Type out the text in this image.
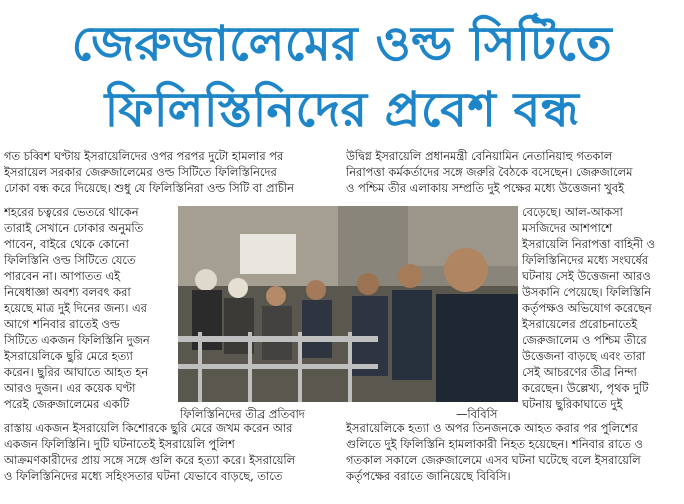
জেরুজালেমের ওল্ড সিটিতে
ফিলিস্তিনিদের প্রবেশ বন্ধ
গত চব্বিশ ঘণ্টায় ইসরায়েলিদের ওপর পরপর দুটো হামলার পর
ইসরায়েল সরকার জেরুজালেমের ওল্ড সিটিতে ফিলিস্তিনিদের
ঢোকা বন্ধ করে দিয়েছে। শুধু যে ফিলিস্তিনিরা ওল্ড সিটি বা প্রাচীন
শহরের চত্বরের ভেতরে থাকেন
তারাই সেখানে ঢোকার অনুমতি
পাবেন, বাইরে থেকে কোনো
ফিলিস্তিনি ওল্ড সিটিতে যেতে
পারবেন না। আপাতত এই
নিষেধাজ্ঞা অবশ্য বলবৎ করা
হয়েছে মাত্র দুই দিনের জন্য। এর
আগে শনিবার রাতেই ওল্ড
সিটিতে একজন ফিলিস্তিনি দুজন
ইসরায়েলিকে ছুরি মেরে হত্যা
করেন। ছুরির আঘাতে আহত হন
আরও দুজন। এর কয়েক ঘণ্টা
পরেই জেরুজালেমের একটি
রাস্তায় একজন ইসরায়েলি কিশোরকে ছুরি মেরে জখম করেন আর
একজন ফিলিস্তিনি। দুটি ঘটনাতেই ইসরায়েলি পুলিশ
আক্রমণকারীদের প্রায় সঙ্গে সঙ্গে গুলি করে হত্যা করে। ইসরায়েলি
ও ফিলিস্তিনিদের মধ্যে সহিংসতার ঘটনা যেভাবে বাড়ছে, তাতে
উদ্বিগ্ন ইসরায়েলি প্রধানমন্ত্রী বেনিয়ামিন নেতানিয়াহু গতকাল
নিরাপত্তা কর্মকর্তাদের সঙ্গে জরুরি বৈঠকে বসেছেন। জেরুজালেম
ও পশ্চিম তীর এলাকায় সম্প্রতি দুই পক্ষের মধ্যে উত্তেজনা খুবই
বেড়েছে। আল-আকসা
মসজিদের আশপাশে
ইসরায়েলি নিরাপত্তা বাহিনী ও
ফিলিস্তিনিদের মধ্যে সংঘর্ষের
ঘটনায় সেই উত্তেজনা আরও
উসকানি পেয়েছে। ফিলিস্তিনি
কর্তৃপক্ষও অভিযোগ করেছেন
ইসরায়েলের প্ররোচনাতেই
জেরুজালেম ও পশ্চিম তীরে
উত্তেজনা বাড়ছে এবং তারা
সেই আচরণের তীব্র নিন্দা
করেছেন। উল্লেখ্য, পৃথক দুটি
ঘটনায় ছুরিকাঘাতে দুই
ইসরায়েলিকে হত্যা ও অপর তিনজনকে আহত করার পর পুলিশের
গুলিতে দুই ফিলিস্তিনি হামলাকারী নিহত হয়েছেন। শনিবার রাতে ও
গতকাল সকালে জেরুজালেমে এসব ঘটনা ঘটেছে বলে ইসরায়েলি
কর্তৃপক্ষের বরাতে জানিয়েছে বিবিসি।
ফিলিস্তিনিদের তীব্র প্রতিবাদ	—বিবিসি
